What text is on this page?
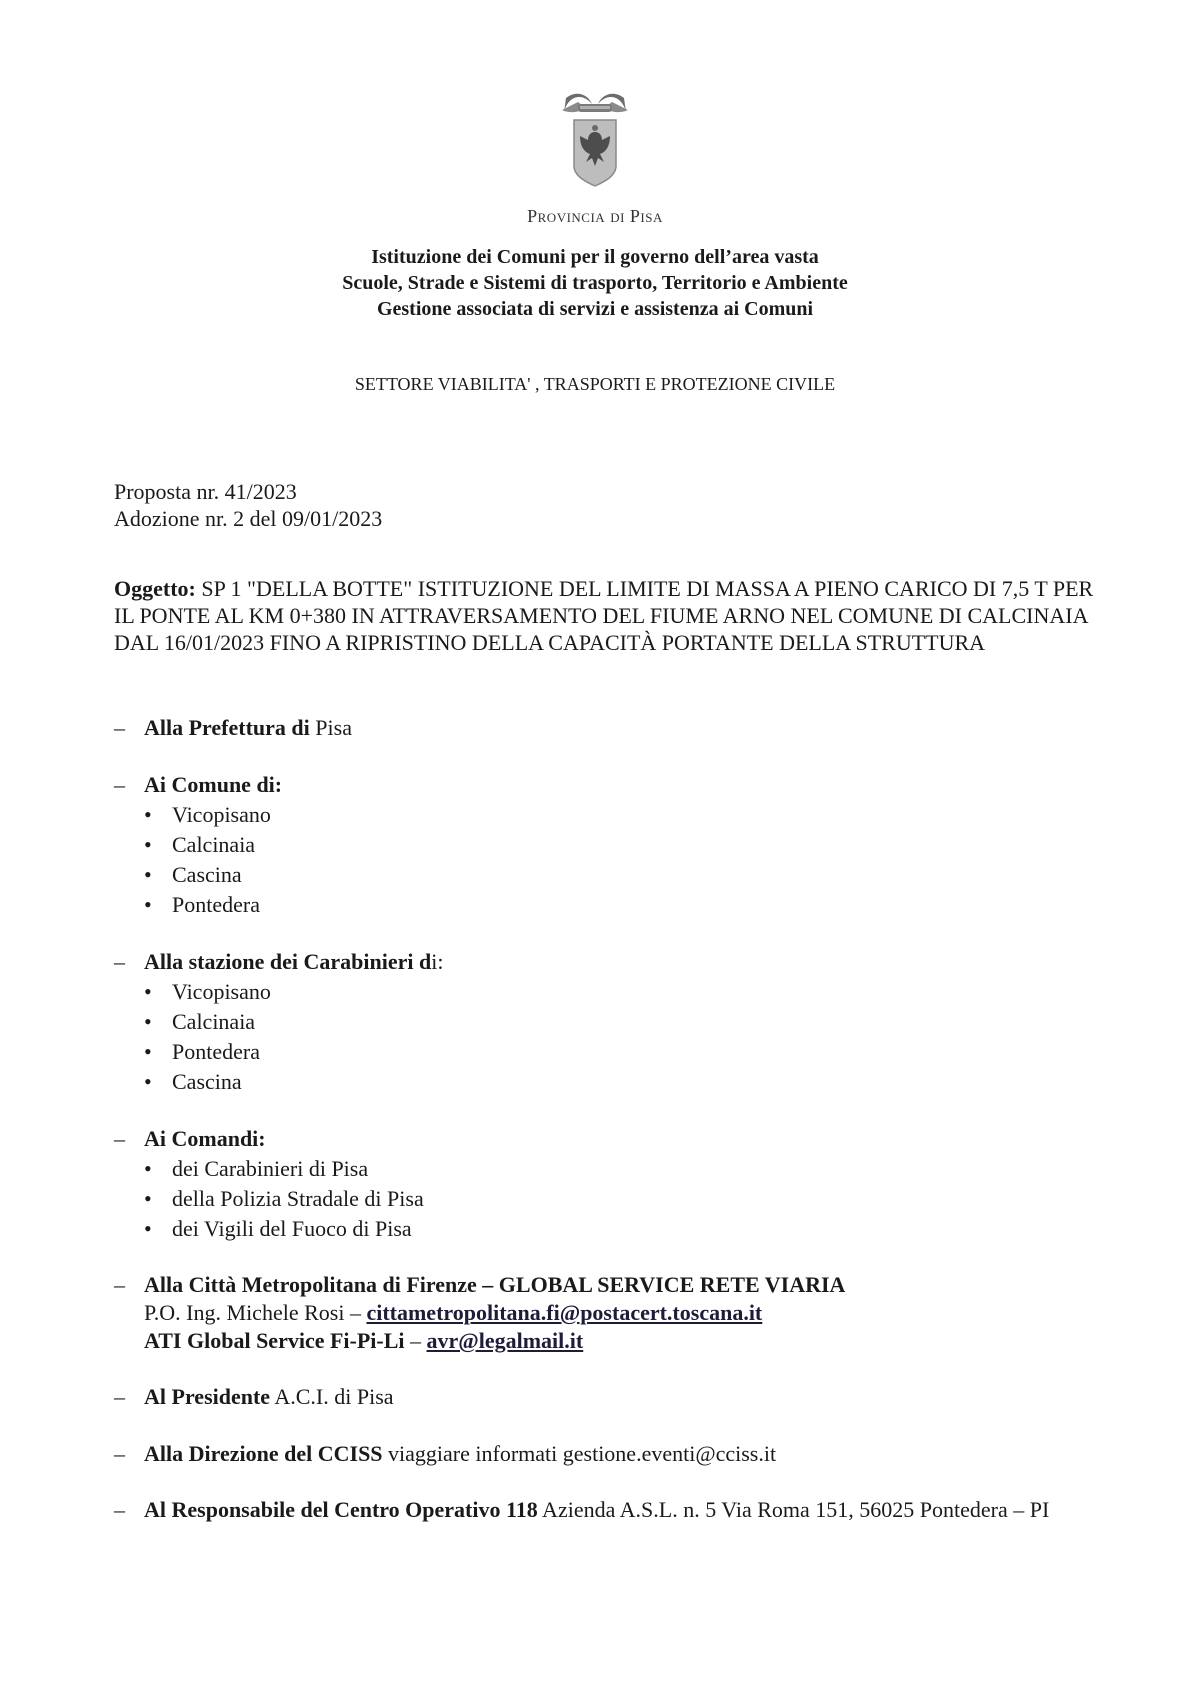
Provincia di Pisa
Istituzione dei Comuni per il governo dell’area vasta
Scuole, Strade e Sistemi di trasporto, Territorio e Ambiente
Gestione associata di servizi e assistenza ai Comuni
SETTORE VIABILITA' , TRASPORTI E PROTEZIONE CIVILE
Proposta nr. 41/2023
Adozione nr. 2 del 09/01/2023
Oggetto: SP 1 "DELLA BOTTE" ISTITUZIONE DEL LIMITE DI MASSA A PIENO CARICO DI 7,5 T PER IL PONTE AL KM 0+380 IN ATTRAVERSAMENTO DEL FIUME ARNO NEL COMUNE DI CALCINAIA DAL 16/01/2023 FINO A RIPRISTINO DELLA CAPACITÀ PORTANTE DELLA STRUTTURA
– Alla Prefettura di Pisa
– Ai Comune di:
• Vicopisano
• Calcinaia
• Cascina
• Pontedera
– Alla stazione dei Carabinieri di:
• Vicopisano
• Calcinaia
• Pontedera
• Cascina
– Ai Comandi:
• dei Carabinieri di Pisa
• della Polizia Stradale di Pisa
• dei Vigili del Fuoco di Pisa
– Alla Città Metropolitana di Firenze – GLOBAL SERVICE RETE VIARIA
P.O. Ing. Michele Rosi – cittametropolitana.fi@postacert.toscana.it
ATI Global Service Fi-Pi-Li – avr@legalmail.it
– Al Presidente A.C.I. di Pisa
– Alla Direzione del CCISS viaggiare informati gestione.eventi@cciss.it
– Al Responsabile del Centro Operativo 118 Azienda A.S.L. n. 5 Via Roma 151, 56025 Pontedera – PI
